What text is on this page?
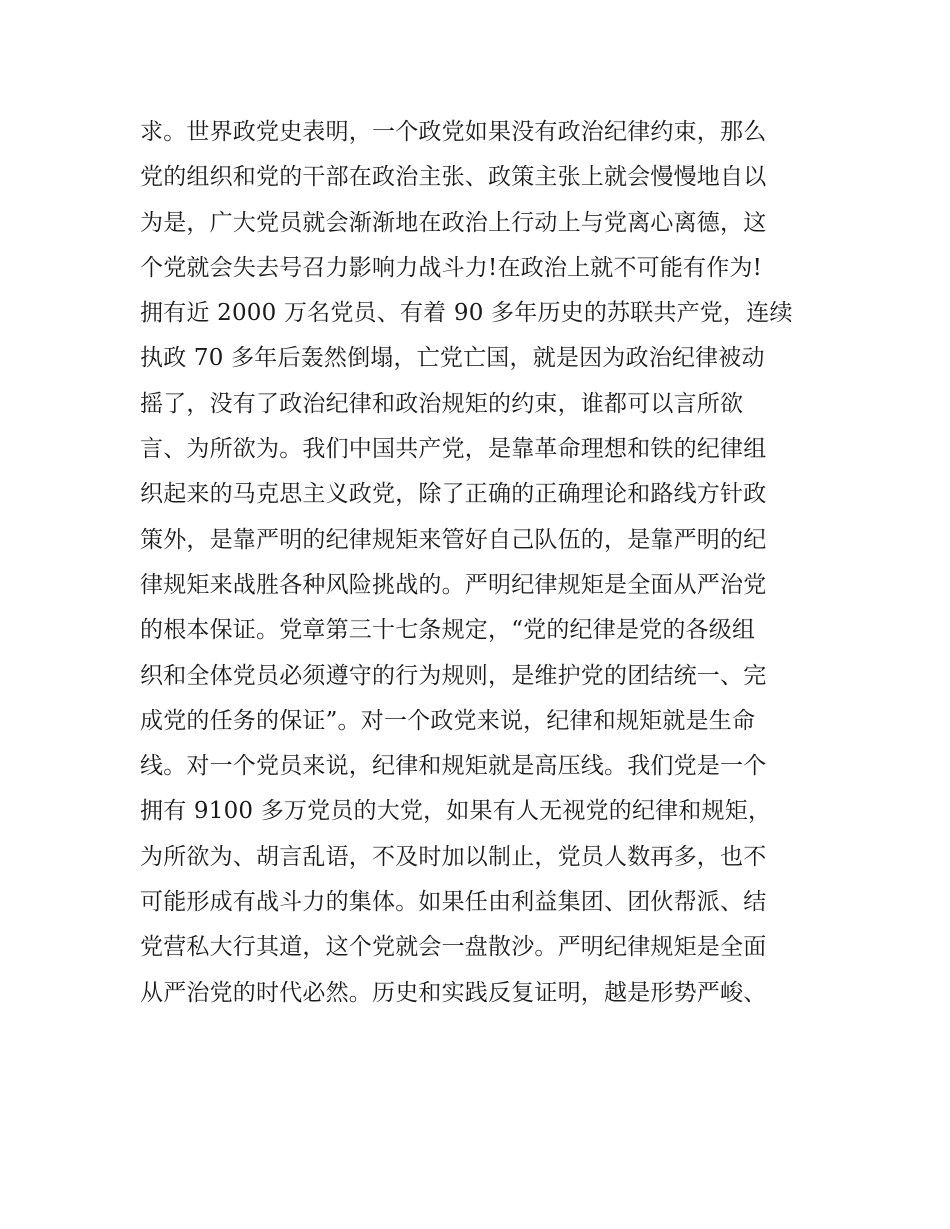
求。世界政党史表明，一个政党如果没有政治纪律约束，那么
党的组织和党的干部在政治主张、政策主张上就会慢慢地自以
为是，广大党员就会渐渐地在政治上行动上与党离心离德，这
个党就会失去号召力影响力战斗力!在政治上就不可能有作为!
拥有近 2000 万名党员、有着 90 多年历史的苏联共产党，连续
执政 70 多年后轰然倒塌，亡党亡国，就是因为政治纪律被动
摇了，没有了政治纪律和政治规矩的约束，谁都可以言所欲
言、为所欲为。我们中国共产党，是靠革命理想和铁的纪律组
织起来的马克思主义政党，除了正确的正确理论和路线方针政
策外，是靠严明的纪律规矩来管好自己队伍的，是靠严明的纪
律规矩来战胜各种风险挑战的。严明纪律规矩是全面从严治党
的根本保证。党章第三十七条规定，“党的纪律是党的各级组
织和全体党员必须遵守的行为规则，是维护党的团结统一、完
成党的任务的保证”。对一个政党来说，纪律和规矩就是生命
线。对一个党员来说，纪律和规矩就是高压线。我们党是一个
拥有 9100 多万党员的大党，如果有人无视党的纪律和规矩，
为所欲为、胡言乱语，不及时加以制止，党员人数再多，也不
可能形成有战斗力的集体。如果任由利益集团、团伙帮派、结
党营私大行其道，这个党就会一盘散沙。严明纪律规矩是全面
从严治党的时代必然。历史和实践反复证明，越是形势严峻、
